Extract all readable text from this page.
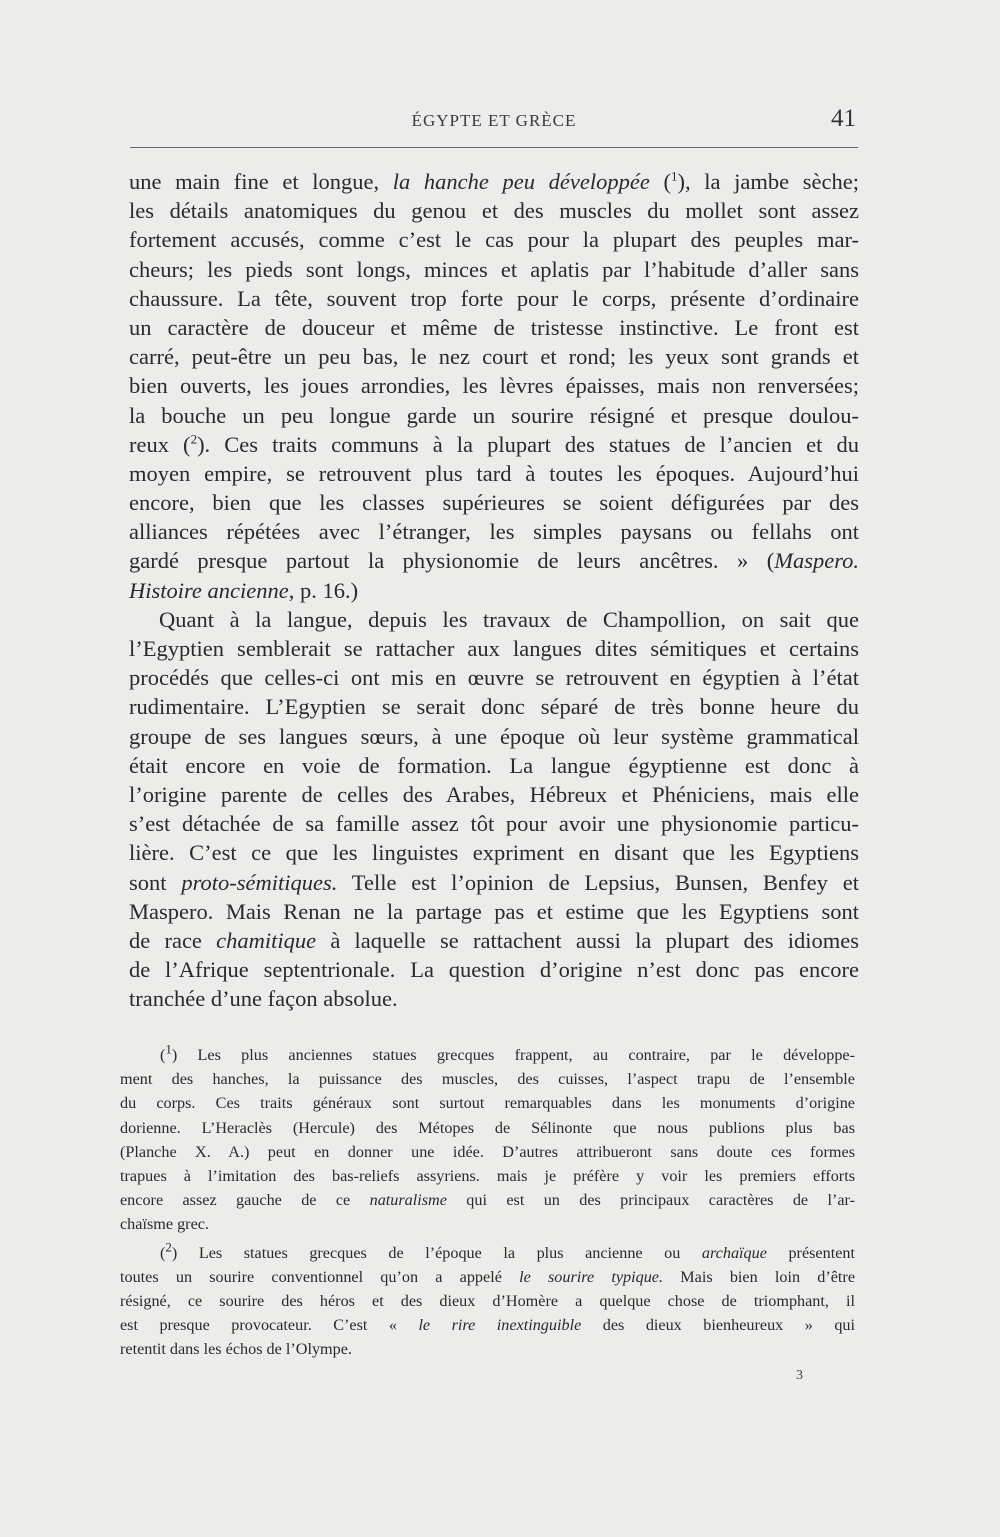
ÉGYPTE ET GRÈCE	41
une main fine et longue, la hanche peu développée ($^1$), la jambe sèche;
les détails anatomiques du genou et des muscles du mollet sont assez
fortement accusés, comme c’est le cas pour la plupart des peuples mar-
cheurs; les pieds sont longs, minces et aplatis par l’habitude d’aller sans
chaussure. La tête, souvent trop forte pour le corps, présente d’ordinaire
un caractère de douceur et même de tristesse instinctive. Le front est
carré, peut-être un peu bas, le nez court et rond; les yeux sont grands et
bien ouverts, les joues arrondies, les lèvres épaisses, mais non renversées;
la bouche un peu longue garde un sourire résigné et presque doulou-
reux ($^2$). Ces traits communs à la plupart des statues de l’ancien et du
moyen empire, se retrouvent plus tard à toutes les époques. Aujourd’hui
encore, bien que les classes supérieures se soient défigurées par des
alliances répétées avec l’étranger, les simples paysans ou fellahs ont
gardé presque partout la physionomie de leurs ancêtres. » (Maspero.
Histoire ancienne, p. 16.)
Quant à la langue, depuis les travaux de Champollion, on sait que
l’Egyptien semblerait se rattacher aux langues dites sémitiques et certains
procédés que celles-ci ont mis en œuvre se retrouvent en égyptien à l’état
rudimentaire. L’Egyptien se serait donc séparé de très bonne heure du
groupe de ses langues sœurs, à une époque où leur système grammatical
était encore en voie de formation. La langue égyptienne est donc à
l’origine parente de celles des Arabes, Hébreux et Phéniciens, mais elle
s’est détachée de sa famille assez tôt pour avoir une physionomie particu-
lière. C’est ce que les linguistes expriment en disant que les Egyptiens
sont proto-sémitiques. Telle est l’opinion de Lepsius, Bunsen, Benfey et
Maspero. Mais Renan ne la partage pas et estime que les Egyptiens sont
de race chamitique à laquelle se rattachent aussi la plupart des idiomes
de l’Afrique septentrionale. La question d’origine n’est donc pas encore
tranchée d’une façon absolue.
($^1$) Les plus anciennes statues grecques frappent, au contraire, par le développe-
ment des hanches, la puissance des muscles, des cuisses, l’aspect trapu de l’ensemble
du corps. Ces traits généraux sont surtout remarquables dans les monuments d’origine
dorienne. L’Heraclès (Hercule) des Métopes de Sélinonte que nous publions plus bas
(Planche X. A.) peut en donner une idée. D’autres attribueront sans doute ces formes
trapues à l’imitation des bas-reliefs assyriens. mais je préfère y voir les premiers efforts
encore assez gauche de ce naturalisme qui est un des principaux caractères de l’ar-
chaïsme grec.
($^2$) Les statues grecques de l’époque la plus ancienne ou archaïque présentent
toutes un sourire conventionnel qu’on a appelé le sourire typique. Mais bien loin d’être
résigné, ce sourire des héros et des dieux d’Homère a quelque chose de triomphant, il
est presque provocateur. C’est « le rire inextinguible des dieux bienheureux » qui
retentit dans les échos de l’Olympe.
3
